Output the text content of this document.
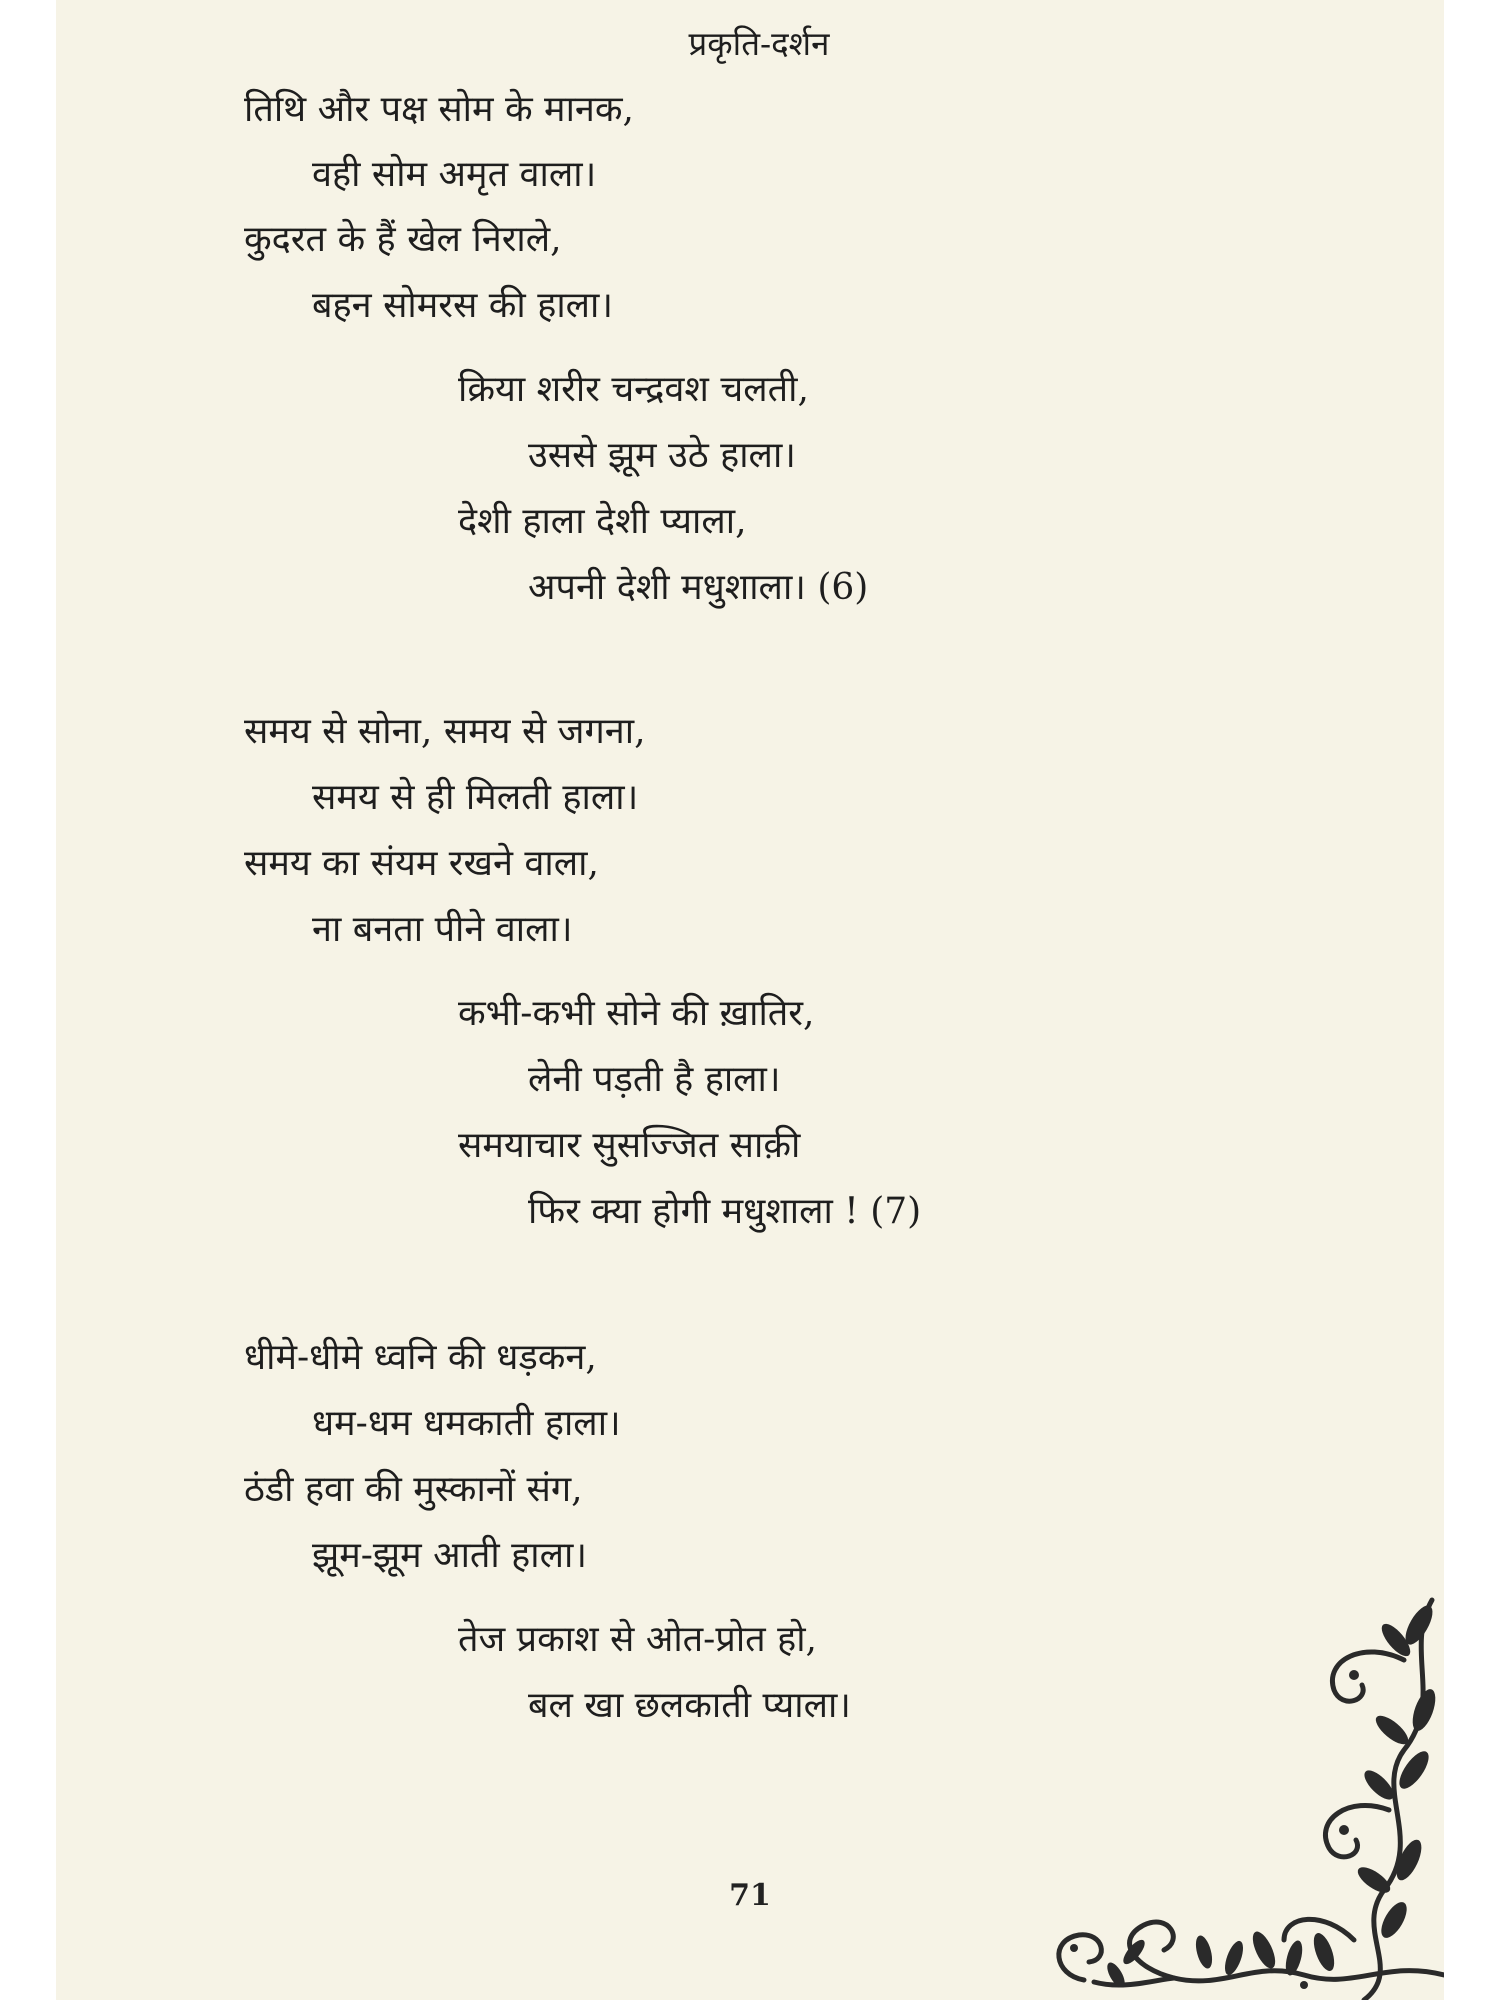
प्रकृति-दर्शन
तिथि और पक्ष सोम के मानक,
वही सोम अमृत वाला।
कुदरत के हैं खेल निराले,
बहन सोमरस की हाला।
क्रिया शरीर चन्द्रवश चलती,
उससे झूम उठे हाला।
देशी हाला देशी प्याला,
अपनी देशी मधुशाला। (6)
समय से सोना, समय से जगना,
समय से ही मिलती हाला।
समय का संयम रखने वाला,
ना बनता पीने वाला।
कभी-कभी सोने की ख़ातिर,
लेनी पड़ती है हाला।
समयाचार सुसज्जित साक़ी
फिर क्या होगी मधुशाला ! (7)
धीमे-धीमे ध्वनि की धड़कन,
धम-धम धमकाती हाला।
ठंडी हवा की मुस्कानों संग,
झूम-झूम आती हाला।
तेज प्रकाश से ओत-प्रोत हो,
बल खा छलकाती प्याला।
71
